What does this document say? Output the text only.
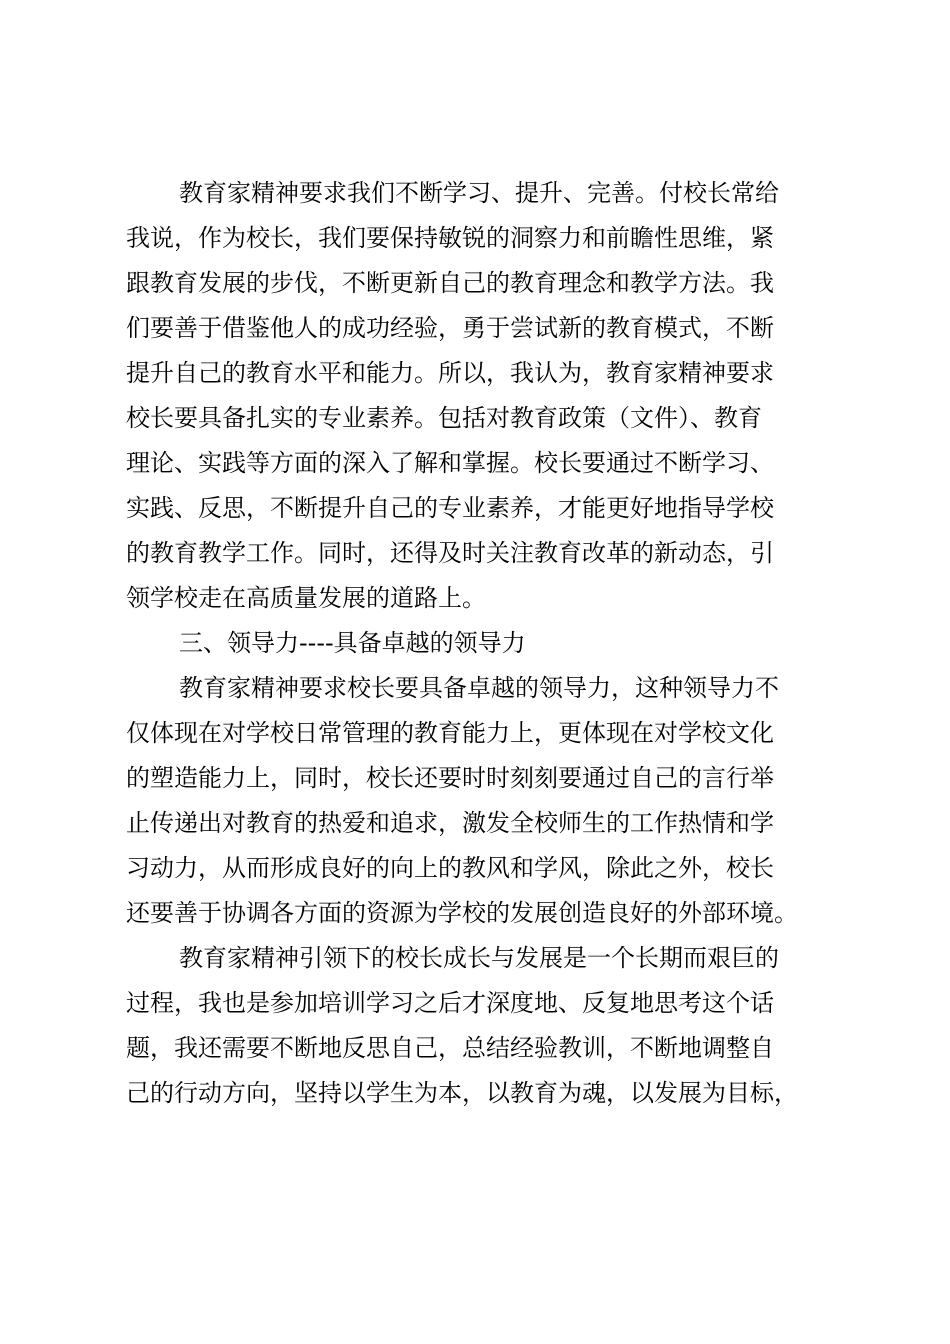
教育家精神要求我们不断学习、提升、完善。付校长常给
我说，作为校长，我们要保持敏锐的洞察力和前瞻性思维，紧
跟教育发展的步伐，不断更新自己的教育理念和教学方法。我
们要善于借鉴他人的成功经验，勇于尝试新的教育模式，不断
提升自己的教育水平和能力。所以，我认为，教育家精神要求
校长要具备扎实的专业素养。包括对教育政策（文件）、教育
理论、实践等方面的深入了解和掌握。校长要通过不断学习、
实践、反思，不断提升自己的专业素养，才能更好地指导学校
的教育教学工作。同时，还得及时关注教育改革的新动态，引
领学校走在高质量发展的道路上。
三、领导力----具备卓越的领导力
教育家精神要求校长要具备卓越的领导力，这种领导力不
仅体现在对学校日常管理的教育能力上，更体现在对学校文化
的塑造能力上，同时，校长还要时时刻刻要通过自己的言行举
止传递出对教育的热爱和追求，激发全校师生的工作热情和学
习动力，从而形成良好的向上的教风和学风，除此之外，校长
还要善于协调各方面的资源为学校的发展创造良好的外部环境。
教育家精神引领下的校长成长与发展是一个长期而艰巨的
过程，我也是参加培训学习之后才深度地、反复地思考这个话
题，我还需要不断地反思自己，总结经验教训，不断地调整自
己的行动方向，坚持以学生为本，以教育为魂，以发展为目标，
